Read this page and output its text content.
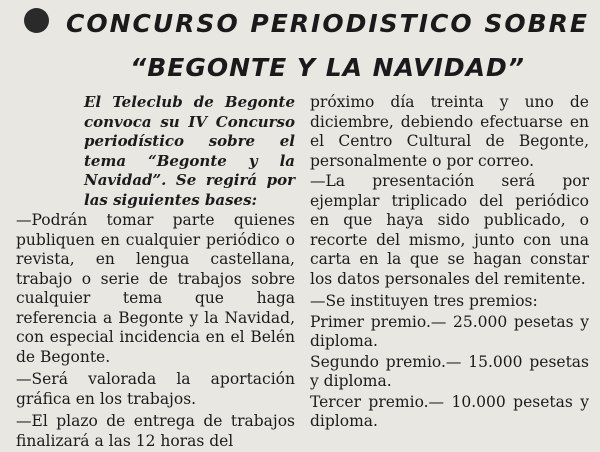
CONCURSO PERIODISTICO SOBRE
“BEGONTE Y LA NAVIDAD”

El Teleclub de Begonte convoca su IV Concurso periodístico sobre el tema “Begonte y la Navidad”. Se regirá por las siguientes bases:

—Podrán tomar parte quienes publiquen en cualquier periódico o revista, en lengua castellana, trabajo o serie de trabajos sobre cualquier tema que haga referencia a Begonte y la Navidad, con especial incidencia en el Belén de Begonte.

—Será valorada la aportación gráfica en los trabajos.

—El plazo de entrega de trabajos finalizará a las 12 horas del

próximo día treinta y uno de diciembre, debiendo efectuarse en el Centro Cultural de Begonte, personalmente o por correo.

—La presentación será por ejemplar triplicado del periódico en que haya sido publicado, o recorte del mismo, junto con una carta en la que se hagan constar los datos personales del remitente.

—Se instituyen tres premios:

Primer premio.— 25.000 pesetas y diploma.

Segundo premio.— 15.000 pesetas y diploma.

Tercer premio.— 10.000 pesetas y diploma.
